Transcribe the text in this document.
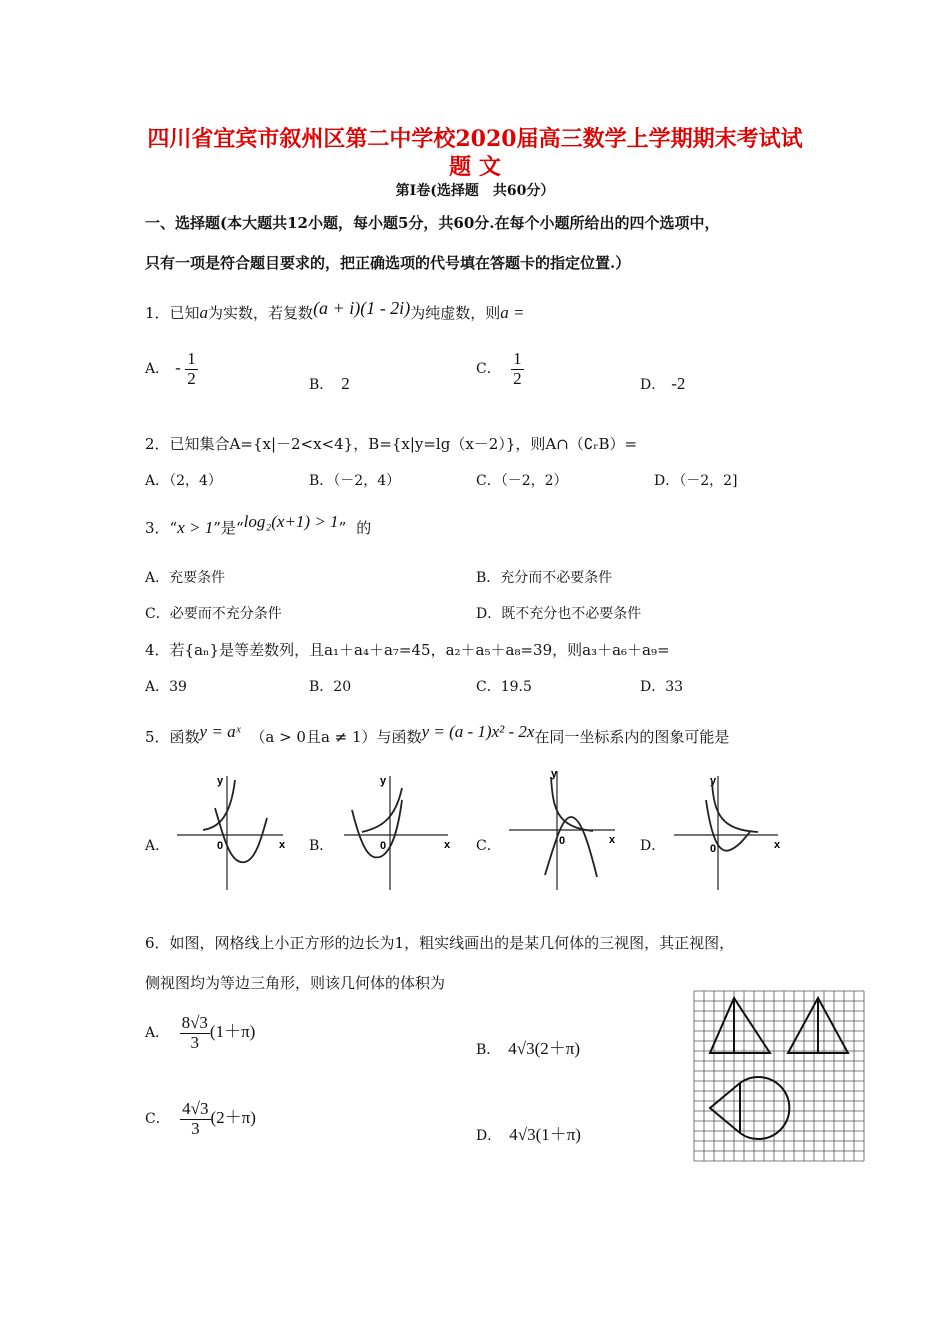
四川省宜宾市叙州区第二中学校2020届高三数学上学期期末考试试
题 文
第I卷(选择题　共60分）
一、选择题(本大题共12小题，每小题5分，共60分.在每个小题所给出的四个选项中，
只有一项是符合题目要求的，把正确选项的代号填在答题卡的指定位置.）
1．已知a为实数，若复数(a + i)(1 - 2i)为纯虚数，则a =
A． - $\frac{1}{2}$	B． 2
C． $\frac{1}{2}$	D． -2
2．已知集合A={x|－2<x<4}，B={x|y=lg（x－2）}，则A∩（∁ᵣB）=
A．（2，4）	B．（－2，4）	C．（－2，2）	D．（－2，2]
3．“x > 1”是“log₂(x+1) > 1” 的
A．充要条件	B．充分而不必要条件
C．必要而不充分条件	D．既不充分也不必要条件
4．若{aₙ}是等差数列，且a₁＋a₄＋a₇=45，a₂＋a₅＋a₈=39，则a₃＋a₆＋a₉=
A．39	B．20	C．19.5	D．33
5．函数y = aˣ （a > 0且a ≠ 1）与函数y = (a - 1)x² - 2x在同一坐标系内的图象可能是
A．	B．	C．	D．
y
x
0
y
x
0
y
x
0
y
x
0
6．如图，网格线上小正方形的边长为1，粗实线画出的是某几何体的三视图，其正视图，
侧视图均为等边三角形，则该几何体的体积为
A． $\frac{8√3}{3} (1+\pi)$
B． 4√3(2＋π)
C． $\frac{4√3}{3} (2+\pi)$
D． 4√3(1＋π)
